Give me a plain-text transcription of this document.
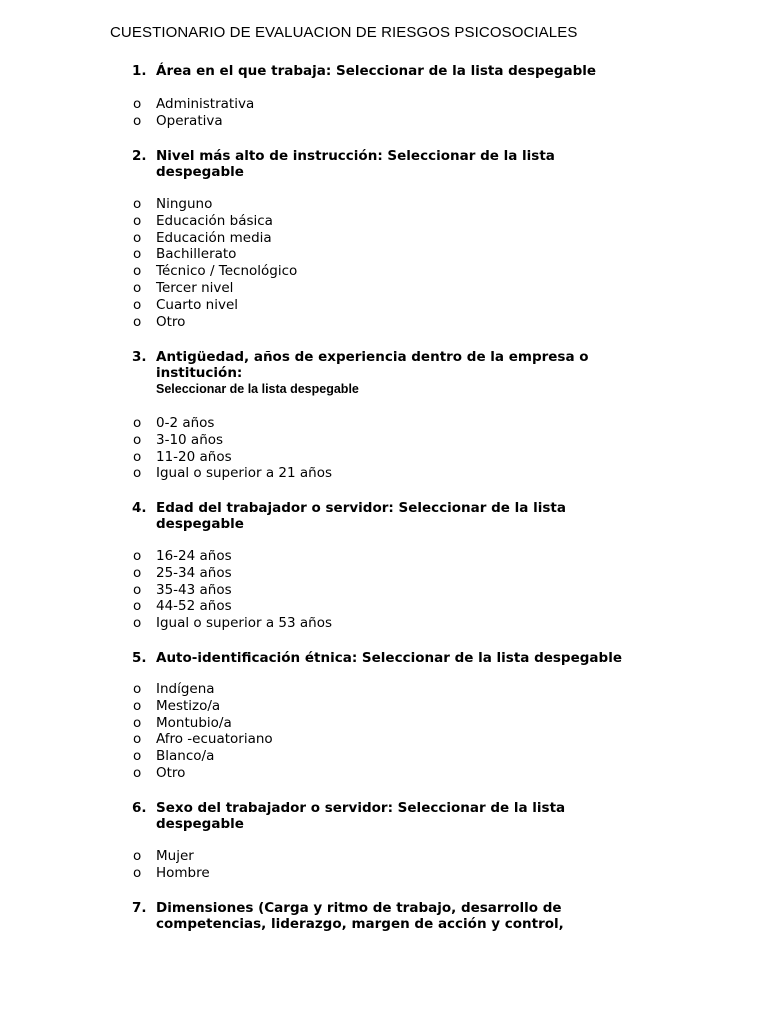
CUESTIONARIO DE EVALUACION DE RIESGOS PSICOSOCIALES
1. Área en el que trabaja: Seleccionar de la lista despegable
o Administrativa
o Operativa
2. Nivel más alto de instrucción: Seleccionar de la lista despegable
o Ninguno
o Educación básica
o Educación media
o Bachillerato
o Técnico / Tecnológico
o Tercer nivel
o Cuarto nivel
o Otro
3. Antigüedad, años de experiencia dentro de la empresa o institución:
Seleccionar de la lista despegable
o 0-2 años
o 3-10 años
o 11-20 años
o Igual o superior a 21 años
4. Edad del trabajador o servidor: Seleccionar de la lista despegable
o 16-24 años
o 25-34 años
o 35-43 años
o 44-52 años
o Igual o superior a 53 años
5. Auto-identificación étnica: Seleccionar de la lista despegable
o Indígena
o Mestizo/a
o Montubio/a
o Afro -ecuatoriano
o Blanco/a
o Otro
6. Sexo del trabajador o servidor: Seleccionar de la lista despegable
o Mujer
o Hombre
7. Dimensiones (Carga y ritmo de trabajo, desarrollo de competencias, liderazgo, margen de acción y control,
